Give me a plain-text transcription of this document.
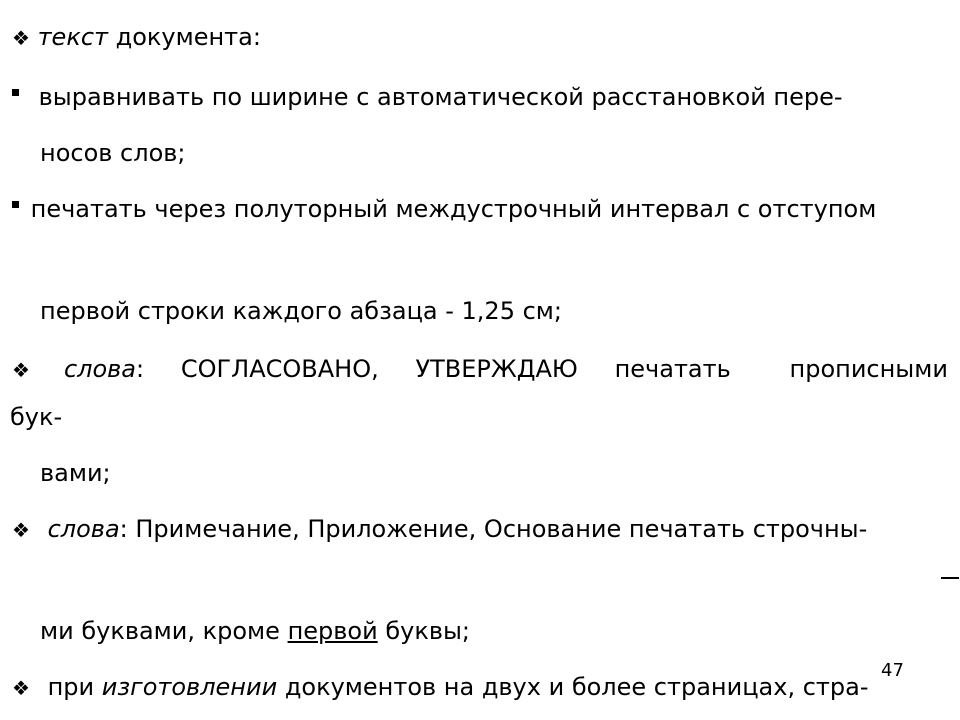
❖ текст документа:
выравнивать по ширине с автоматической расстановкой пере-
носов слов;
печатать через полуторный междустрочный интервал с отступом
первой строки каждого абзаца - 1,25 см;
❖ слова: СОГЛАСОВАНО, УТВЕРЖДАЮ печатать прописными
бук-
вами;
❖ слова: Примечание, Приложение, Основание печатать строчны-
ми буквами, кроме первой буквы;
❖ при изготовлении документов на двух и более страницах, стра-
47
